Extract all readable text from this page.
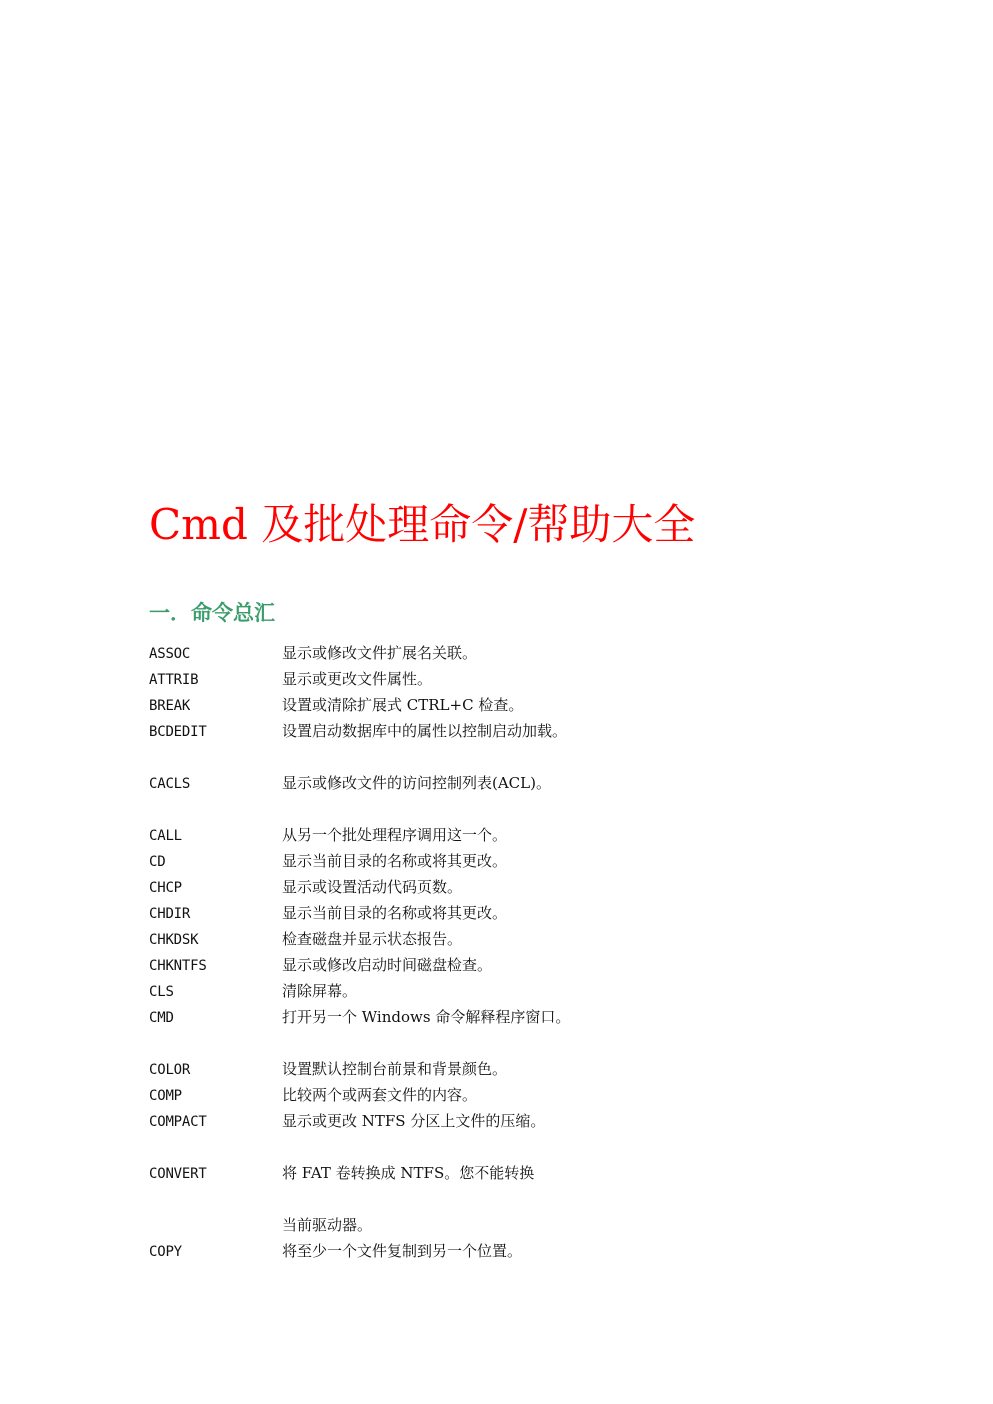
Cmd 及批处理命令/帮助大全
一．命令总汇
ASSOC	显示或修改文件扩展名关联。
ATTRIB	显示或更改文件属性。
BREAK	设置或清除扩展式 CTRL+C 检查。
BCDEDIT	设置启动数据库中的属性以控制启动加载。
CACLS	显示或修改文件的访问控制列表(ACL)。
CALL	从另一个批处理程序调用这一个。
CD	显示当前目录的名称或将其更改。
CHCP	显示或设置活动代码页数。
CHDIR	显示当前目录的名称或将其更改。
CHKDSK	检查磁盘并显示状态报告。
CHKNTFS	显示或修改启动时间磁盘检查。
CLS	清除屏幕。
CMD	打开另一个 Windows 命令解释程序窗口。
COLOR	设置默认控制台前景和背景颜色。
COMP	比较两个或两套文件的内容。
COMPACT	显示或更改 NTFS 分区上文件的压缩。
CONVERT	将 FAT 卷转换成 NTFS。您不能转换
当前驱动器。
COPY	将至少一个文件复制到另一个位置。
